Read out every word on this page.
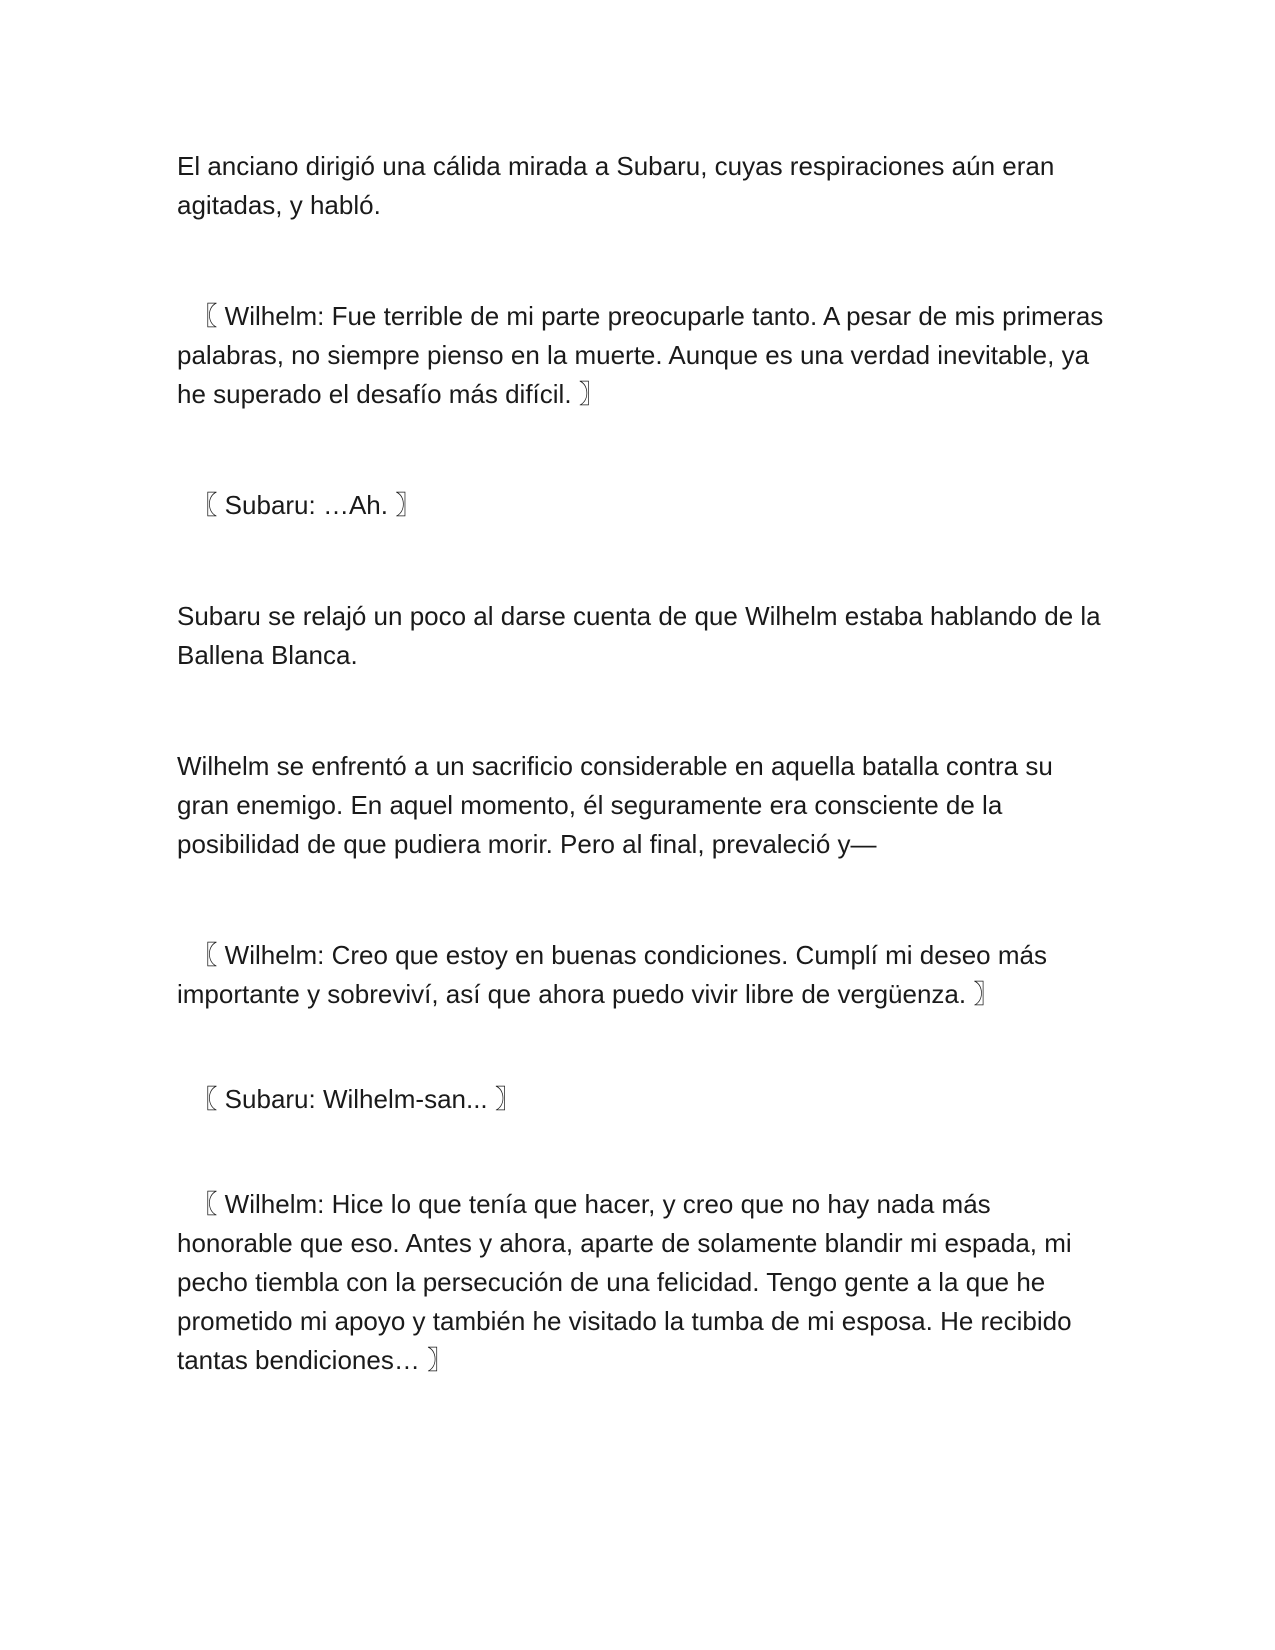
El anciano dirigió una cálida mirada a Subaru, cuyas respiraciones aún eran agitadas, y habló.

〖 Wilhelm: Fue terrible de mi parte preocuparle tanto. A pesar de mis primeras palabras, no siempre pienso en la muerte. Aunque es una verdad inevitable, ya he superado el desafío más difícil. 〗

〖 Subaru: …Ah. 〗

Subaru se relajó un poco al darse cuenta de que Wilhelm estaba hablando de la Ballena Blanca.

Wilhelm se enfrentó a un sacrificio considerable en aquella batalla contra su gran enemigo. En aquel momento, él seguramente era consciente de la posibilidad de que pudiera morir. Pero al final, prevaleció y—

〖 Wilhelm: Creo que estoy en buenas condiciones. Cumplí mi deseo más importante y sobreviví, así que ahora puedo vivir libre de vergüenza. 〗

〖 Subaru: Wilhelm-san... 〗

〖 Wilhelm: Hice lo que tenía que hacer, y creo que no hay nada más honorable que eso. Antes y ahora, aparte de solamente blandir mi espada, mi pecho tiembla con la persecución de una felicidad. Tengo gente a la que he prometido mi apoyo y también he visitado la tumba de mi esposa. He recibido tantas bendiciones… 〗
